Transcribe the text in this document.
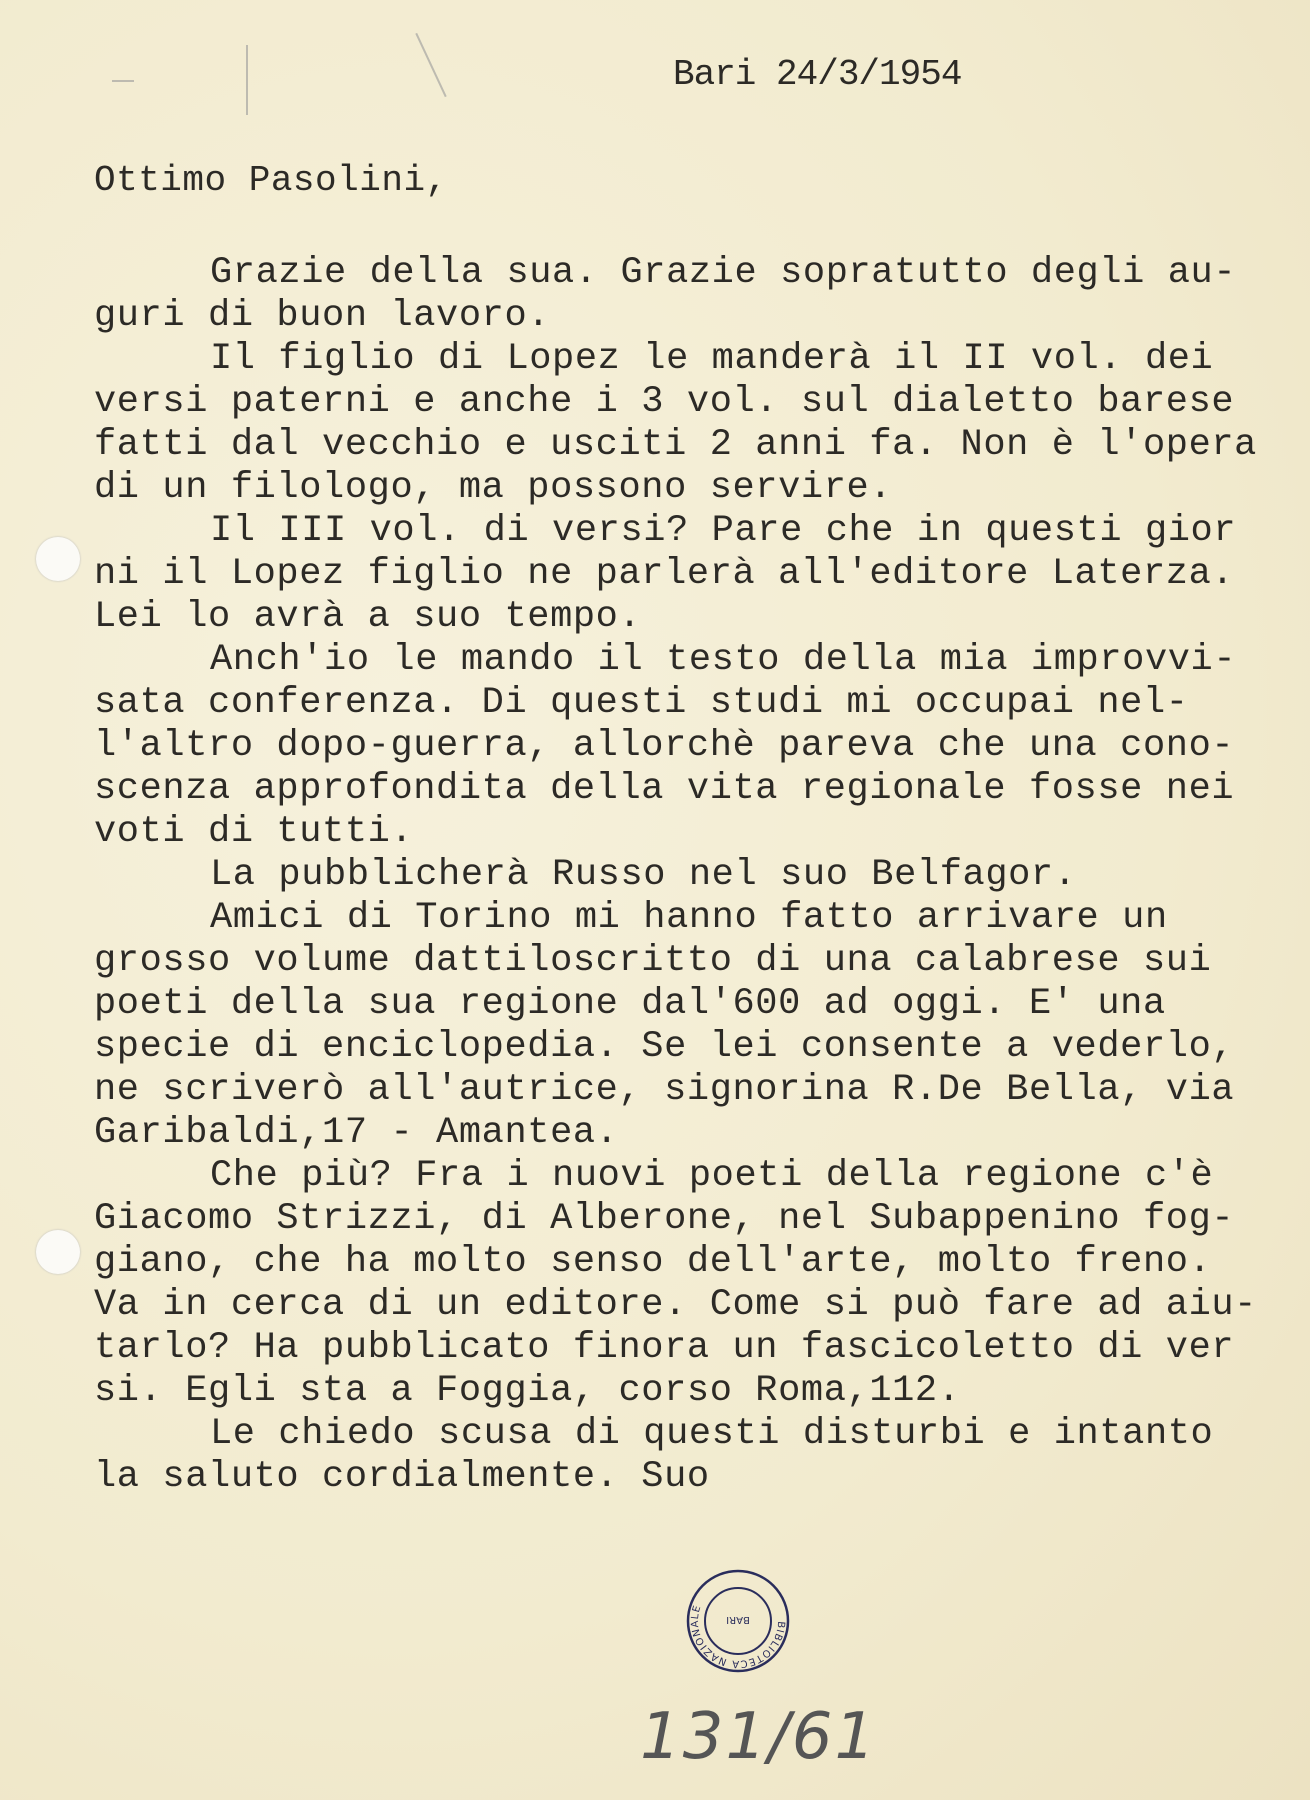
Bari 24/3/1954
Ottimo Pasolini,
Grazie della sua. Grazie sopratutto degli au-
guri di buon lavoro.
Il figlio di Lopez le manderà il II vol. dei
versi paterni e anche i 3 vol. sul dialetto barese
fatti dal vecchio e usciti 2 anni fa. Non è l'opera
di un filologo, ma possono servire.
Il III vol. di versi? Pare che in questi gior
ni il Lopez figlio ne parlerà all'editore Laterza.
Lei lo avrà a suo tempo.
Anch'io le mando il testo della mia improvvi-
sata conferenza. Di questi studi mi occupai nel-
l'altro dopo-guerra, allorchè pareva che una cono-
scenza approfondita della vita regionale fosse nei
voti di tutti.
La pubblicherà Russo nel suo Belfagor.
Amici di Torino mi hanno fatto arrivare un
grosso volume dattiloscritto di una calabrese sui
poeti della sua regione dal'600 ad oggi. E' una
specie di enciclopedia. Se lei consente a vederlo,
ne scriverò all'autrice, signorina R.De Bella, via
Garibaldi,17 - Amantea.
Che più? Fra i nuovi poeti della regione c'è
Giacomo Strizzi, di Alberone, nel Subappenino fog-
giano, che ha molto senso dell'arte, molto freno.
Va in cerca di un editore. Come si può fare ad aiu-
tarlo? Ha pubblicato finora un fascicoletto di ver
si. Egli sta a Foggia, corso Roma,112.
Le chiedo scusa di questi disturbi e intanto
la saluto cordialmente. Suo
BIBLIOTECA NAZIONALE
BARI
131/61
